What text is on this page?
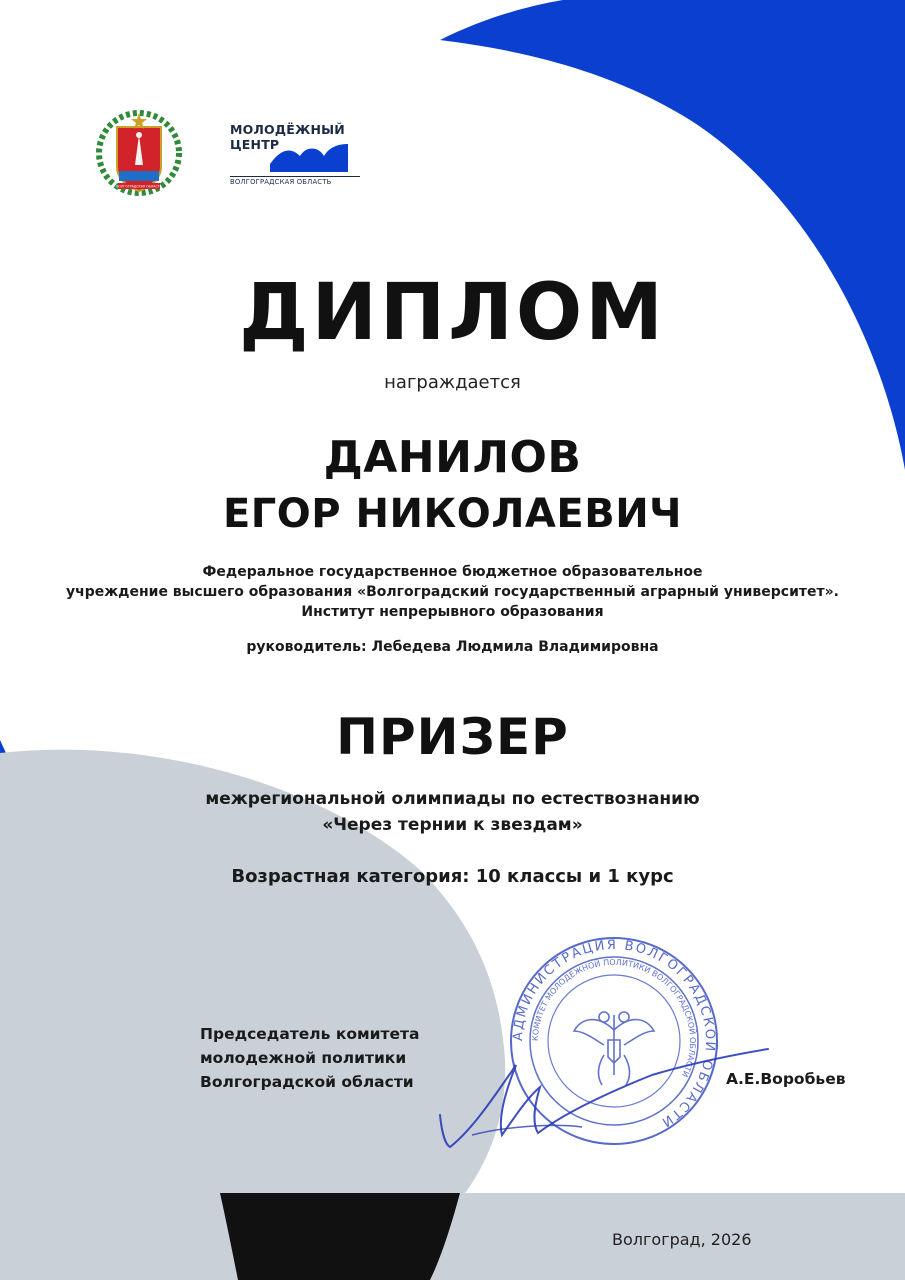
ВОЛГОГРАДСКАЯ ОБЛАСТЬ
МОЛОДЁЖНЫЙ
ЦЕНТР
ВОЛГОГРАДСКАЯ ОБЛАСТЬ
ДИПЛОМ
награждается
ДАНИЛОВ
ЕГОР НИКОЛАЕВИЧ
Федеральное государственное бюджетное образовательное
учреждение высшего образования «Волгоградский государственный аграрный университет».
Институт непрерывного образования
руководитель: Лебедева Людмила Владимировна
ПРИЗЕР
межрегиональной олимпиады по естествознанию
«Через тернии к звездам»
Возрастная категория: 10 классы и 1 курс
АДМИНИСТРАЦИЯ ВОЛГОГРАДСКОЙ ОБЛАСТИ
КОМИТЕТ МОЛОДЕЖНОЙ ПОЛИТИКИ ВОЛГОГРАДСКОЙ ОБЛАСТИ
Председатель комитета
молодежной политики
Волгоградской области	А.Е.Воробьев
Волгоград, 2026
